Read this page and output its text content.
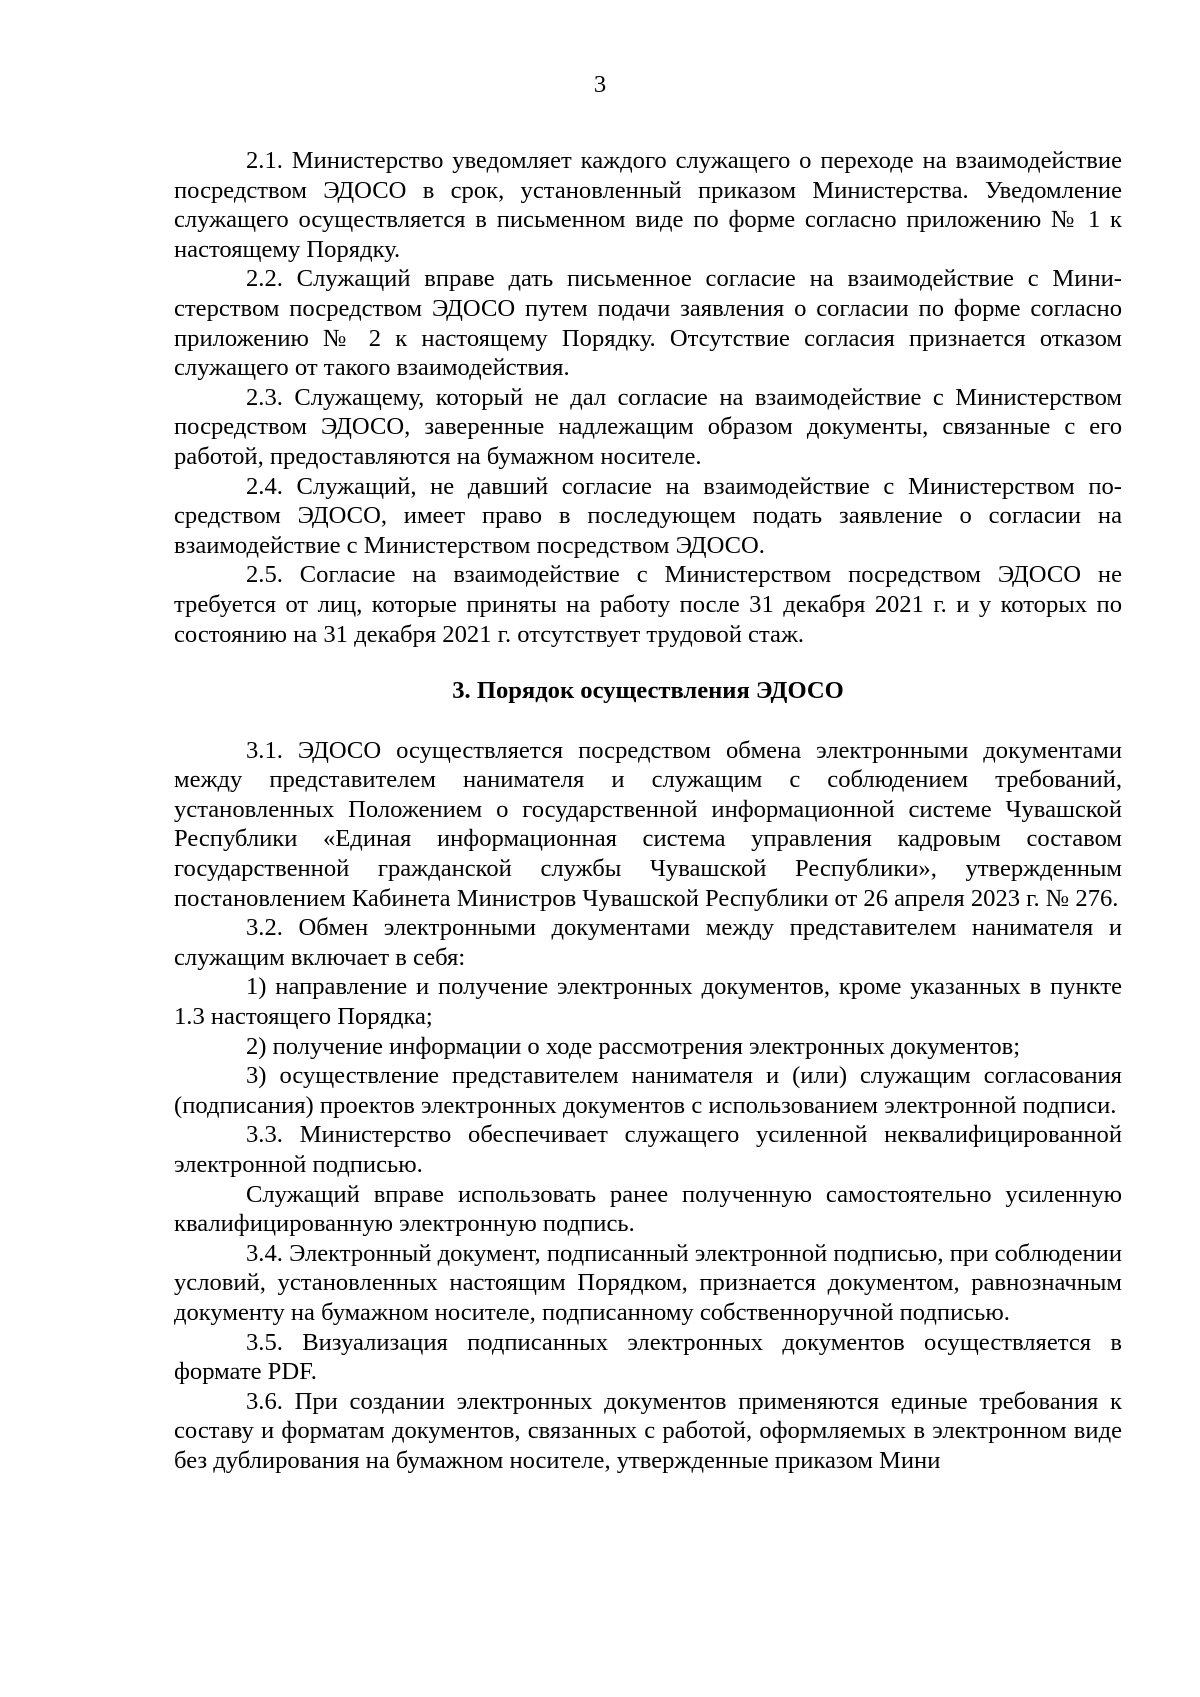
3

2.1. Министерство уведомляет каждого служащего о переходе на взаимодействие посредством ЭДОСО в срок, установленный приказом Министерства. Уведомление служащего осуществляется в письменном виде по форме согласно приложению № 1 к настоящему Порядку.

2.2. Служащий вправе дать письменное согласие на взаимодействие с Министерством посредством ЭДОСО путем подачи заявления о согласии по форме согласно приложению № 2 к настоящему Порядку. Отсутствие согласия признается отказом служащего от такого взаимодействия.

2.3. Служащему, который не дал согласие на взаимодействие с Министерством посредством ЭДОСО, заверенные надлежащим образом документы, связанные с его работой, предоставляются на бумажном носителе.

2.4. Служащий, не давший согласие на взаимодействие с Министерством посредством ЭДОСО, имеет право в последующем подать заявление о согласии на взаимодействие с Министерством посредством ЭДОСО.

2.5. Согласие на взаимодействие с Министерством посредством ЭДОСО не требуется от лиц, которые приняты на работу после 31 декабря 2021 г. и у которых по состоянию на 31 декабря 2021 г. отсутствует трудовой стаж.

3. Порядок осуществления ЭДОСО

3.1. ЭДОСО осуществляется посредством обмена электронными документами между представителем нанимателя и служащим с соблюдением требований, установленных Положением о государственной информационной системе Чувашской Республики «Единая информационная система управления кадровым составом государственной гражданской службы Чувашской Республики», утвержденным постановлением Кабинета Министров Чувашской Республики от 26 апреля 2023 г. № 276.

3.2. Обмен электронными документами между представителем нанимателя и служащим включает в себя:

1) направление и получение электронных документов, кроме указанных в пункте 1.3 настоящего Порядка;

2) получение информации о ходе рассмотрения электронных документов;

3) осуществление представителем нанимателя и (или) служащим согласования (подписания) проектов электронных документов с использованием электронной подписи.

3.3. Министерство обеспечивает служащего усиленной неквалифицированной электронной подписью.

Служащий вправе использовать ранее полученную самостоятельно усиленную квалифицированную электронную подпись.

3.4. Электронный документ, подписанный электронной подписью, при соблюдении условий, установленных настоящим Порядком, признается документом, равнозначным документу на бумажном носителе, подписанному собственноручной подписью.

3.5. Визуализация подписанных электронных документов осуществляется в формате PDF.

3.6. При создании электронных документов применяются единые требования к составу и форматам документов, связанных с работой, оформляемых в электронном виде без дублирования на бумажном носителе, утвержденные приказом Мини
